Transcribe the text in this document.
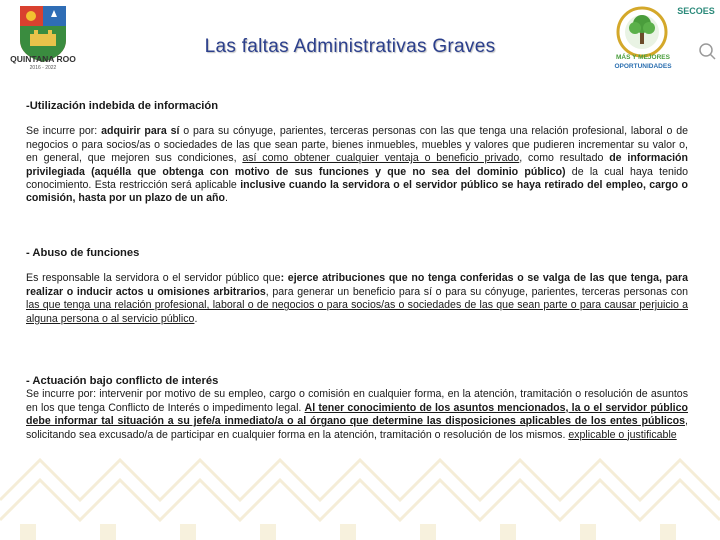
QUINTANA ROO
2016 - 2022
Las faltas Administrativas Graves
SECOES
MÁS Y MEJORES
OPORTUNIDADES
-Utilización indebida de información

Se incurre por: adquirir para sí o para su cónyuge, parientes, terceras personas con las que tenga una relación profesional, laboral o de negocios o para socios/as o sociedades de las que sean parte, bienes inmuebles, muebles y valores que pudieren incrementar su valor o, en general, que mejoren sus condiciones, así como obtener cualquier ventaja o beneficio privado, como resultado de información privilegiada (aquélla que obtenga con motivo de sus funciones y que no sea del dominio público) de la cual haya tenido conocimiento. Esta restricción será aplicable inclusive cuando la servidora o el servidor público se haya retirado del empleo, cargo o comisión, hasta por un plazo de un año.

- Abuso de funciones

Es responsable la servidora o el servidor público que: ejerce atribuciones que no tenga conferidas o se valga de las que tenga, para realizar o inducir actos u omisiones arbitrarios, para generar un beneficio para sí o para su cónyuge, parientes, terceras personas con las que tenga una relación profesional, laboral o de negocios o para socios/as o sociedades de las que sean parte o para causar perjuicio a alguna persona o al servicio público.

- Actuación bajo conflicto de interés

Se incurre por: intervenir por motivo de su empleo, cargo o comisión en cualquier forma, en la atención, tramitación o resolución de asuntos en los que tenga Conflicto de Interés o impedimento legal. Al tener conocimiento de los asuntos mencionados, la o el servidor público debe informar tal situación a su jefe/a inmediato/a o al órgano que determine las disposiciones aplicables de los entes públicos, solicitando sea excusado/a de participar en cualquier forma en la atención, tramitación o resolución de los mismos. explicable o justificable
